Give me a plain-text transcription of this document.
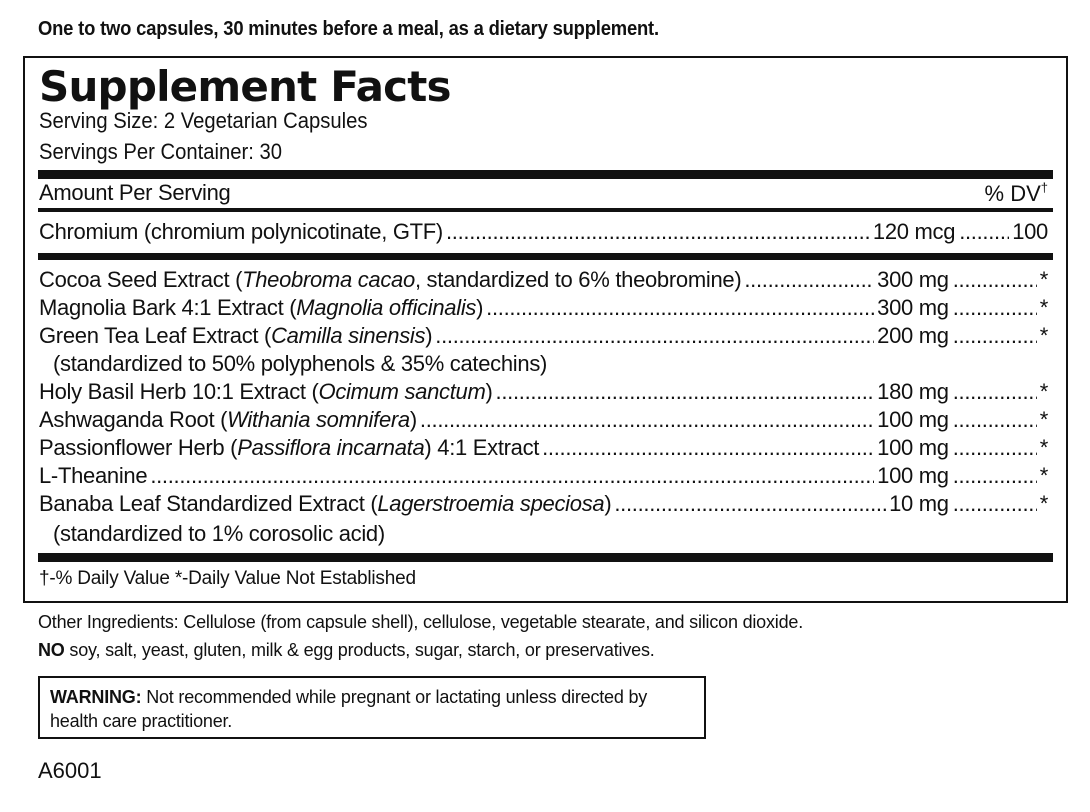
One to two capsules, 30 minutes before a meal, as a dietary supplement.
Supplement Facts
Serving Size: 2 Vegetarian Capsules
Servings Per Container: 30
Amount Per Serving	% DV†
Chromium (chromium polynicotinate, GTF) .....	120 mcg .....	100
Cocoa Seed Extract (Theobroma cacao, standardized to 6% theobromine) .....	300 mg .....	*
Magnolia Bark 4:1 Extract (Magnolia officinalis) .....	300 mg .....	*
Green Tea Leaf Extract (Camilla sinensis) .....	200 mg .....	*
(standardized to 50% polyphenols & 35% catechins)
Holy Basil Herb 10:1 Extract (Ocimum sanctum) .....	180 mg .....	*
Ashwaganda Root (Withania somnifera) .....	100 mg .....	*
Passionflower Herb (Passiflora incarnata) 4:1 Extract .....	100 mg .....	*
L-Theanine .....	100 mg .....	*
Banaba Leaf Standardized Extract (Lagerstroemia speciosa) .....	10 mg .....	*
(standardized to 1% corosolic acid)
†-% Daily Value *-Daily Value Not Established
Other Ingredients: Cellulose (from capsule shell), cellulose, vegetable stearate, and silicon dioxide.
NO soy, salt, yeast, gluten, milk & egg products, sugar, starch, or preservatives.
WARNING: Not recommended while pregnant or lactating unless directed by health care practitioner.
A6001
